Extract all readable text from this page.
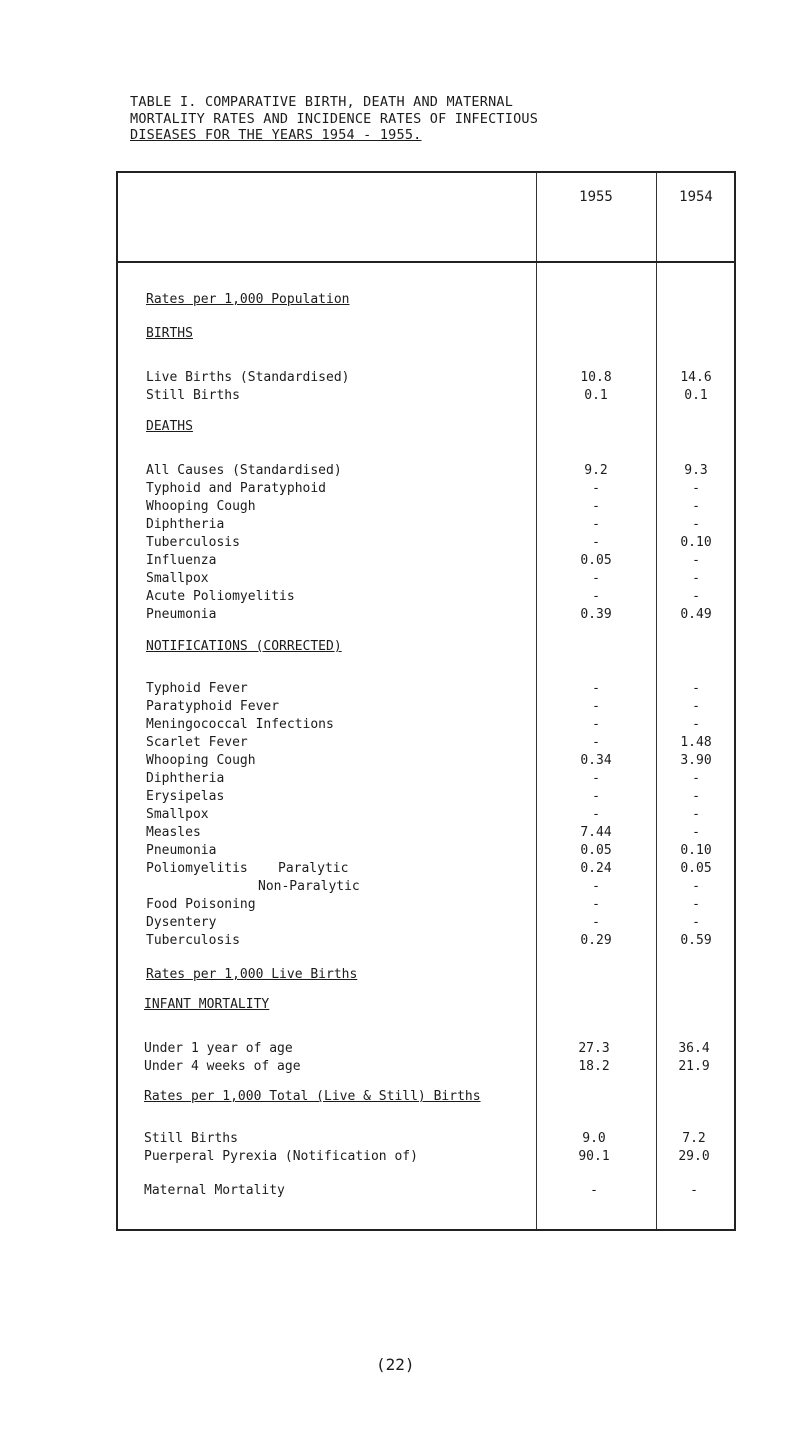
TABLE I. COMPARATIVE BIRTH, DEATH AND MATERNAL
MORTALITY RATES AND INCIDENCE RATES OF INFECTIOUS
DISEASES FOR THE YEARS 1954 - 1955.
1955	1954
Rates per 1,000 Population
BIRTHS
Live Births (Standardised)	10.8	14.6
Still Births	0.1	0.1
DEATHS
All Causes (Standardised)	9.2	9.3
Typhoid and Paratyphoid	-	-
Whooping Cough	-	-
Diphtheria	-	-
Tuberculosis	-	0.10
Influenza	0.05	-
Smallpox	-	-
Acute Poliomyelitis	-	-
Pneumonia	0.39	0.49
NOTIFICATIONS (CORRECTED)
Typhoid Fever	-	-
Paratyphoid Fever	-	-
Meningococcal Infections	-	-
Scarlet Fever	-	1.48
Whooping Cough	0.34	3.90
Diphtheria	-	-
Erysipelas	-	-
Smallpox	-	-
Measles	7.44	-
Pneumonia	0.05	0.10
Poliomyelitis Paralytic	0.24	0.05
Non-Paralytic	-	-
Food Poisoning	-	-
Dysentery	-	-
Tuberculosis	0.29	0.59
Rates per 1,000 Live Births
INFANT MORTALITY
Under 1 year of age	27.3	36.4
Under 4 weeks of age	18.2	21.9
Rates per 1,000 Total (Live & Still) Births
Still Births	9.0	7.2
Puerperal Pyrexia (Notification of)	90.1	29.0
Maternal Mortality	-	-
(22)
